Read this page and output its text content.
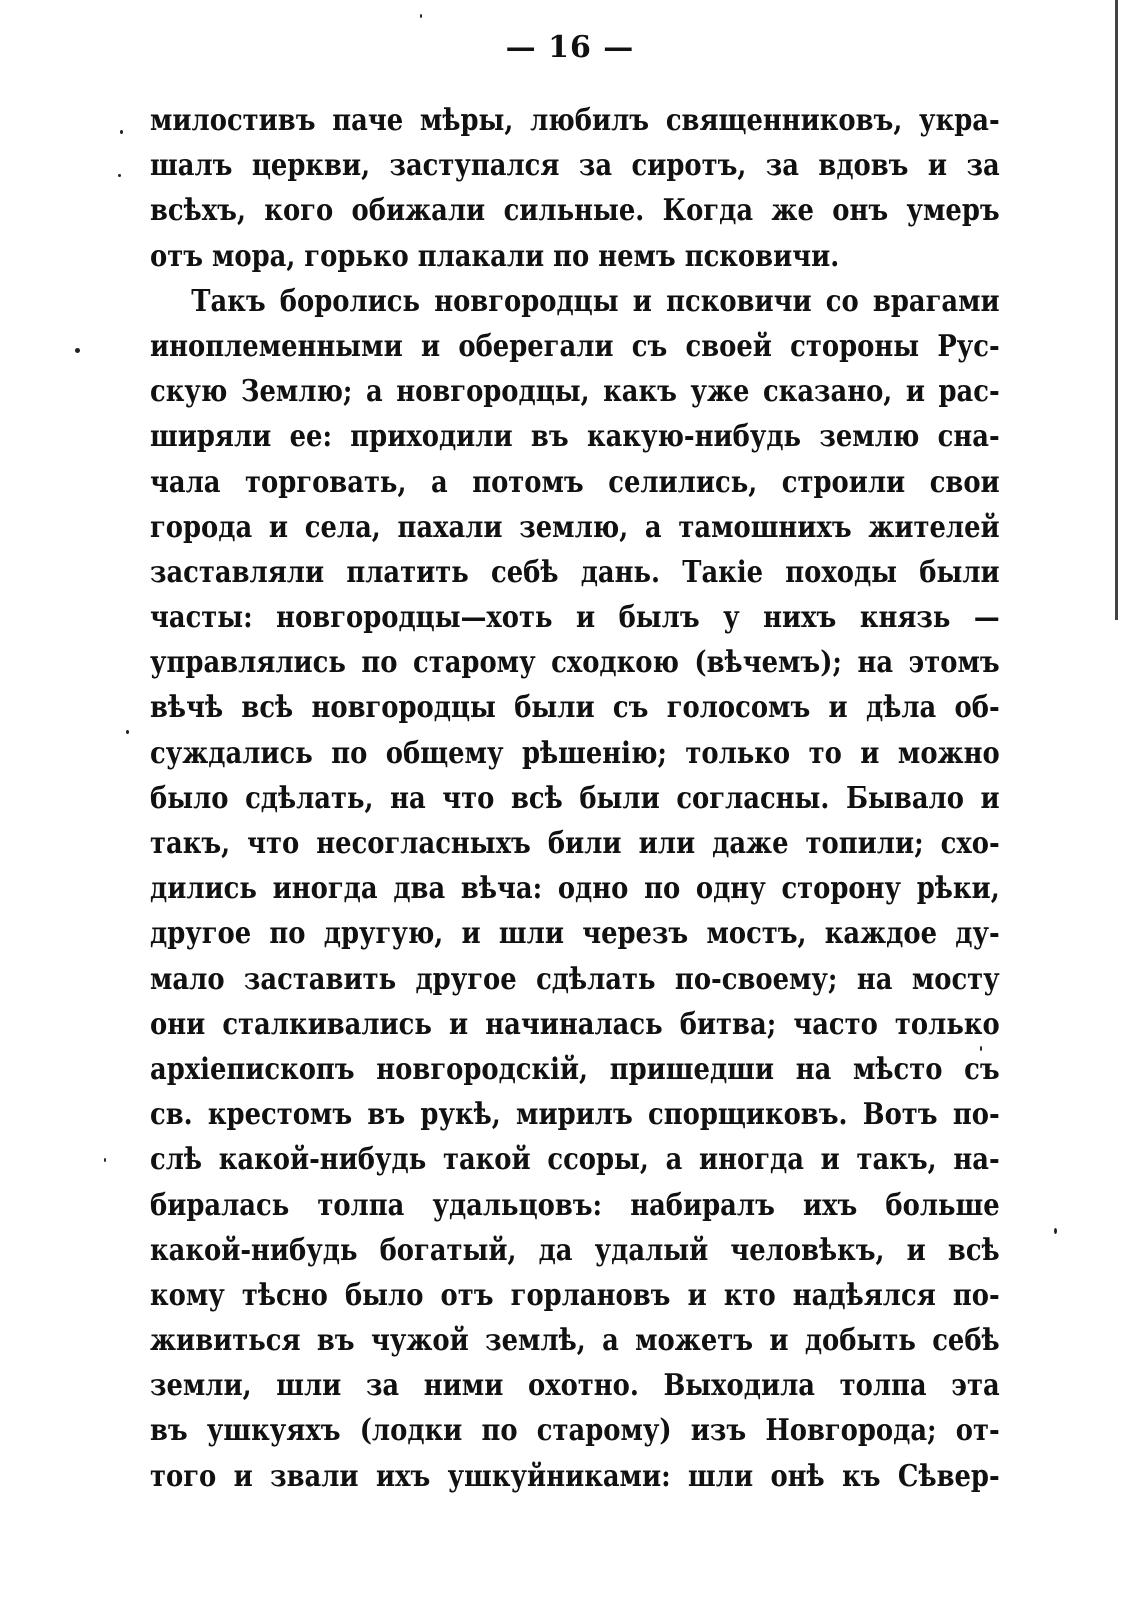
— 16 —
милостивъ паче мѣры, любилъ священниковъ, укра-
шалъ церкви, заступался за сиротъ, за вдовъ и за
всѣхъ, кого обижали сильные. Когда же онъ умеръ
отъ мора, горько плакали по немъ псковичи.
Такъ боролись новгородцы и псковичи со врагами
иноплеменными и оберегали съ своей стороны Рус-
скую Землю; а новгородцы, какъ уже сказано, и рас-
ширяли ее: приходили въ какую-нибудь землю сна-
чала торговать, а потомъ селились, строили свои
города и села, пахали землю, а тамошнихъ жителей
заставляли платить себѣ дань. Такіе походы были
часты: новгородцы—хоть и былъ у нихъ князь —
управлялись по старому сходкою (вѣчемъ); на этомъ
вѣчѣ всѣ новгородцы были съ голосомъ и дѣла об-
суждались по общему рѣшенію; только то и можно
было сдѣлать, на что всѣ были согласны. Бывало и
такъ, что несогласныхъ били или даже топили; схо-
дились иногда два вѣча: одно по одну сторону рѣки,
другое по другую, и шли черезъ мостъ, каждое ду-
мало заставить другое сдѣлать по-своему; на мосту
они сталкивались и начиналась битва; часто только
архіепископъ новгородскій, пришедши на мѣсто съ
св. крестомъ въ рукѣ, мирилъ спорщиковъ. Вотъ по-
слѣ какой-нибудь такой ссоры, а иногда и такъ, на-
биралась толпа удальцовъ: набиралъ ихъ больше
какой-нибудь богатый, да удалый человѣкъ, и всѣ
кому тѣсно было отъ горлановъ и кто надѣялся по-
живиться въ чужой землѣ, а можетъ и добыть себѣ
земли, шли за ними охотно. Выходила толпа эта
въ ушкуяхъ (лодки по старому) изъ Новгорода; от-
того и звали ихъ ушкуйниками: шли онѣ къ Сѣвер-
